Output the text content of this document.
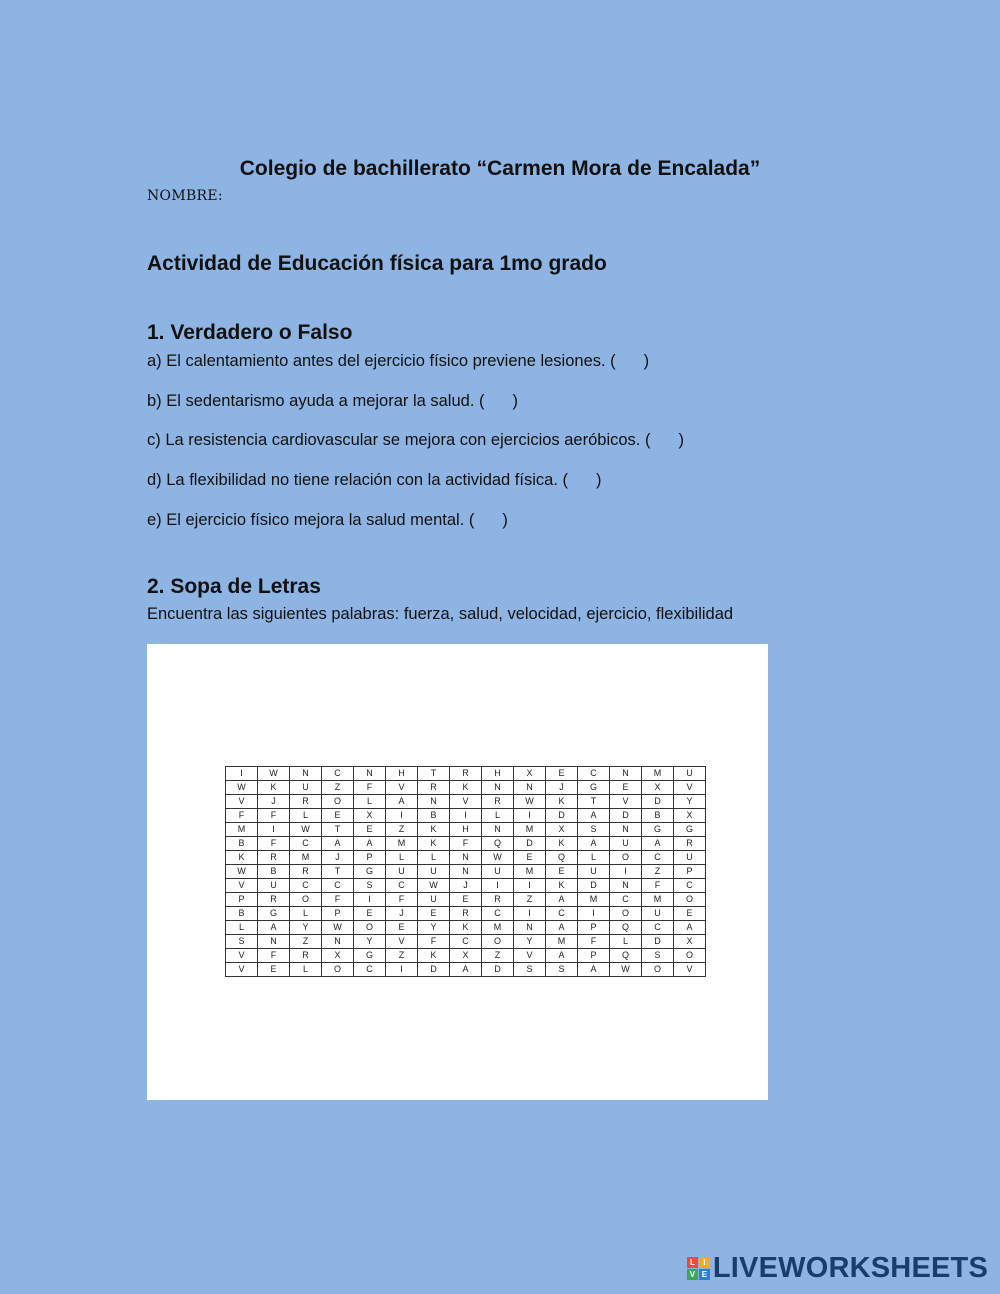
Colegio de bachillerato “Carmen Mora de Encalada”
NOMBRE:
Actividad de Educación física para 1mo grado
1. Verdadero o Falso
a) El calentamiento antes del ejercicio físico previene lesiones. ( )
b) El sedentarismo ayuda a mejorar la salud. ( )
c) La resistencia cardiovascular se mejora con ejercicios aeróbicos. ( )
d) La flexibilidad no tiene relación con la actividad física. ( )
e) El ejercicio físico mejora la salud mental. ( )
2. Sopa de Letras
Encuentra las siguientes palabras: fuerza, salud, velocidad, ejercicio, flexibilidad
I	W	N	C	N	H	T	R	H	X	E	C	N	M	U
W	K	U	Z	F	V	R	K	N	N	J	G	E	X	V
V	J	R	O	L	A	N	V	R	W	K	T	V	D	Y
F	F	L	E	X	I	B	I	L	I	D	A	D	B	X
M	I	W	T	E	Z	K	H	N	M	X	S	N	G	G
B	F	C	A	A	M	K	F	Q	D	K	A	U	A	R
K	R	M	J	P	L	L	N	W	E	Q	L	O	C	U
W	B	R	T	G	U	U	N	U	M	E	U	I	Z	P
V	U	C	C	S	C	W	J	I	I	K	D	N	F	C
P	R	O	F	I	F	U	E	R	Z	A	M	C	M	O
B	G	L	P	E	J	E	R	C	I	C	I	O	U	E
L	A	Y	W	O	E	Y	K	M	N	A	P	Q	C	A
S	N	Z	N	Y	V	F	C	O	Y	M	F	L	D	X
V	F	R	X	G	Z	K	X	Z	V	A	P	Q	S	O
V	E	L	O	C	I	D	A	D	S	S	A	W	O	V
L	I
V E LIVEWORKSHEETS
